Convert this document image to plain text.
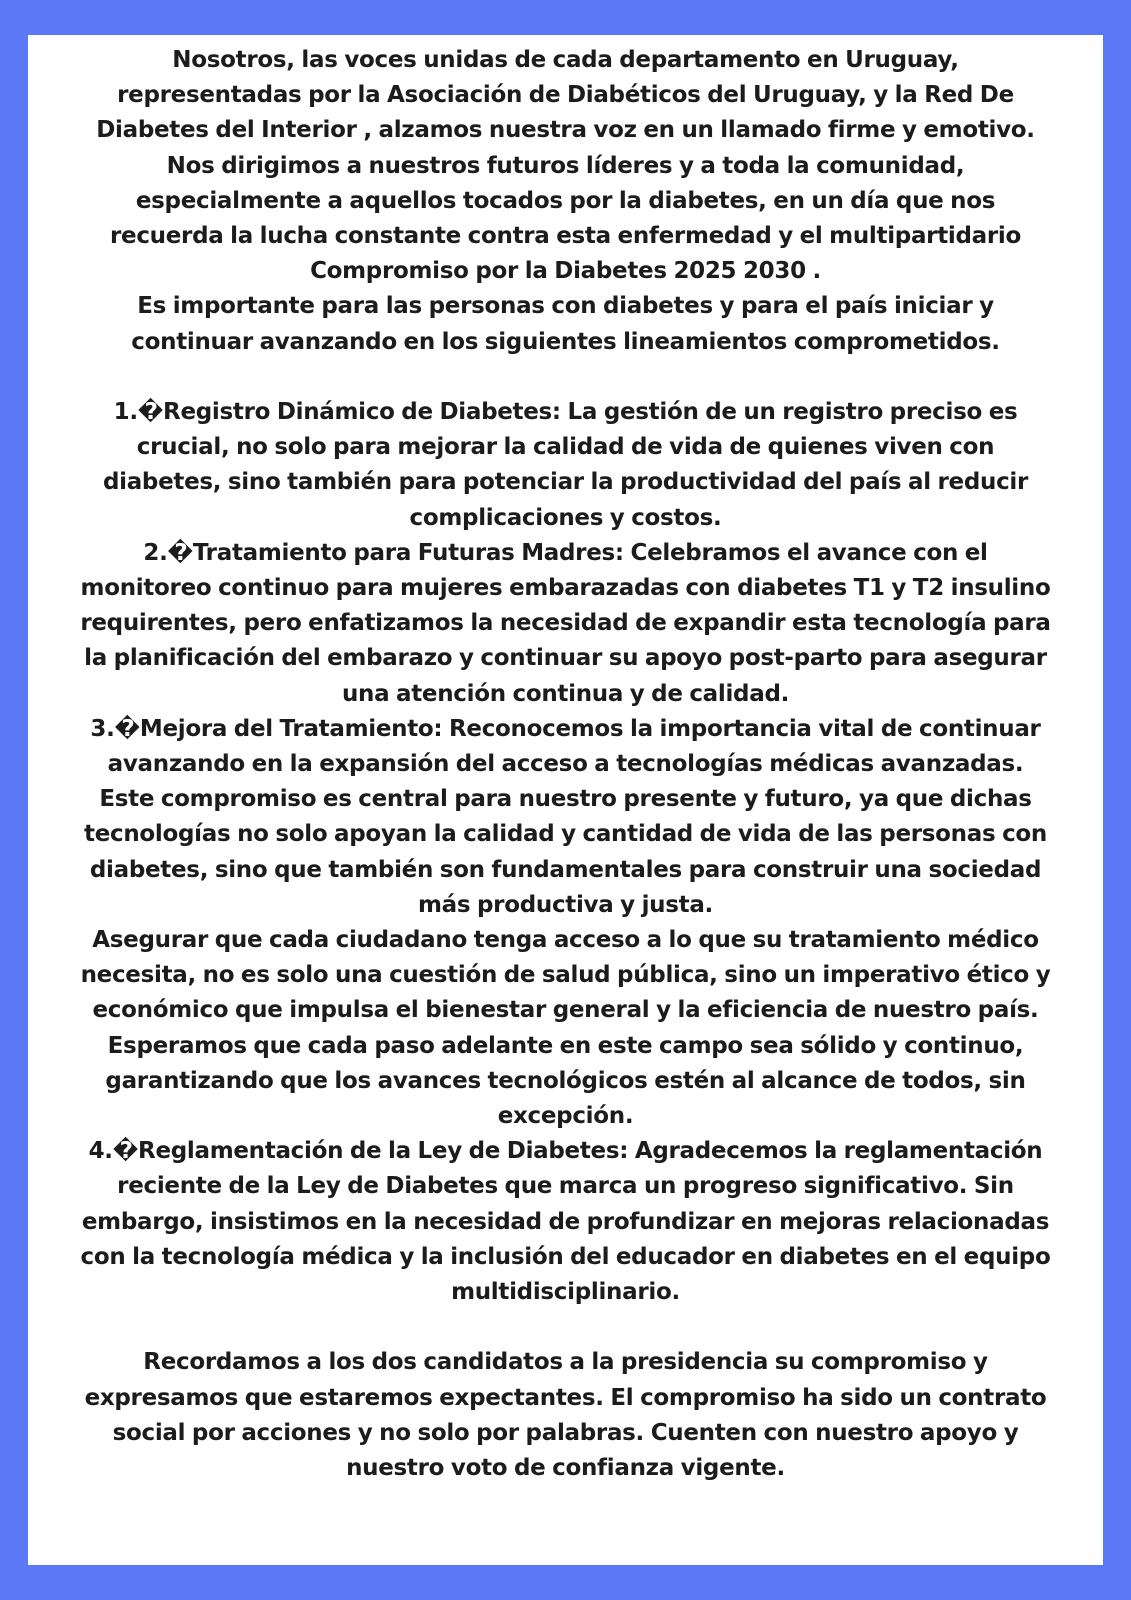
Nosotros, las voces unidas de cada departamento en Uruguay, representadas por la Asociación de Diabéticos del Uruguay, y la Red De Diabetes del Interior , alzamos nuestra voz en un llamado firme y emotivo.

Nos dirigimos a nuestros futuros líderes y a toda la comunidad, especialmente a aquellos tocados por la diabetes, en un día que nos recuerda la lucha constante contra esta enfermedad y el multipartidario Compromiso por la Diabetes 2025 2030 .

Es importante para las personas con diabetes y para el país iniciar y continuar avanzando en los siguientes lineamientos comprometidos.

1.�Registro Dinámico de Diabetes: La gestión de un registro preciso es crucial, no solo para mejorar la calidad de vida de quienes viven con diabetes, sino también para potenciar la productividad del país al reducir complicaciones y costos.

2.�Tratamiento para Futuras Madres: Celebramos el avance con el monitoreo continuo para mujeres embarazadas con diabetes T1 y T2 insulino requirentes, pero enfatizamos la necesidad de expandir esta tecnología para la planificación del embarazo y continuar su apoyo post-parto para asegurar una atención continua y de calidad.

3.�Mejora del Tratamiento: Reconocemos la importancia vital de continuar avanzando en la expansión del acceso a tecnologías médicas avanzadas. Este compromiso es central para nuestro presente y futuro, ya que dichas tecnologías no solo apoyan la calidad y cantidad de vida de las personas con diabetes, sino que también son fundamentales para construir una sociedad más productiva y justa.

Asegurar que cada ciudadano tenga acceso a lo que su tratamiento médico necesita, no es solo una cuestión de salud pública, sino un imperativo ético y económico que impulsa el bienestar general y la eficiencia de nuestro país.

Esperamos que cada paso adelante en este campo sea sólido y continuo, garantizando que los avances tecnológicos estén al alcance de todos, sin excepción.

4.�Reglamentación de la Ley de Diabetes: Agradecemos la reglamentación reciente de la Ley de Diabetes que marca un progreso significativo. Sin embargo, insistimos en la necesidad de profundizar en mejoras relacionadas con la tecnología médica y la inclusión del educador en diabetes en el equipo multidisciplinario.

Recordamos a los dos candidatos a la presidencia su compromiso y expresamos que estaremos expectantes. El compromiso ha sido un contrato social por acciones y no solo por palabras. Cuenten con nuestro apoyo y nuestro voto de confianza vigente.
